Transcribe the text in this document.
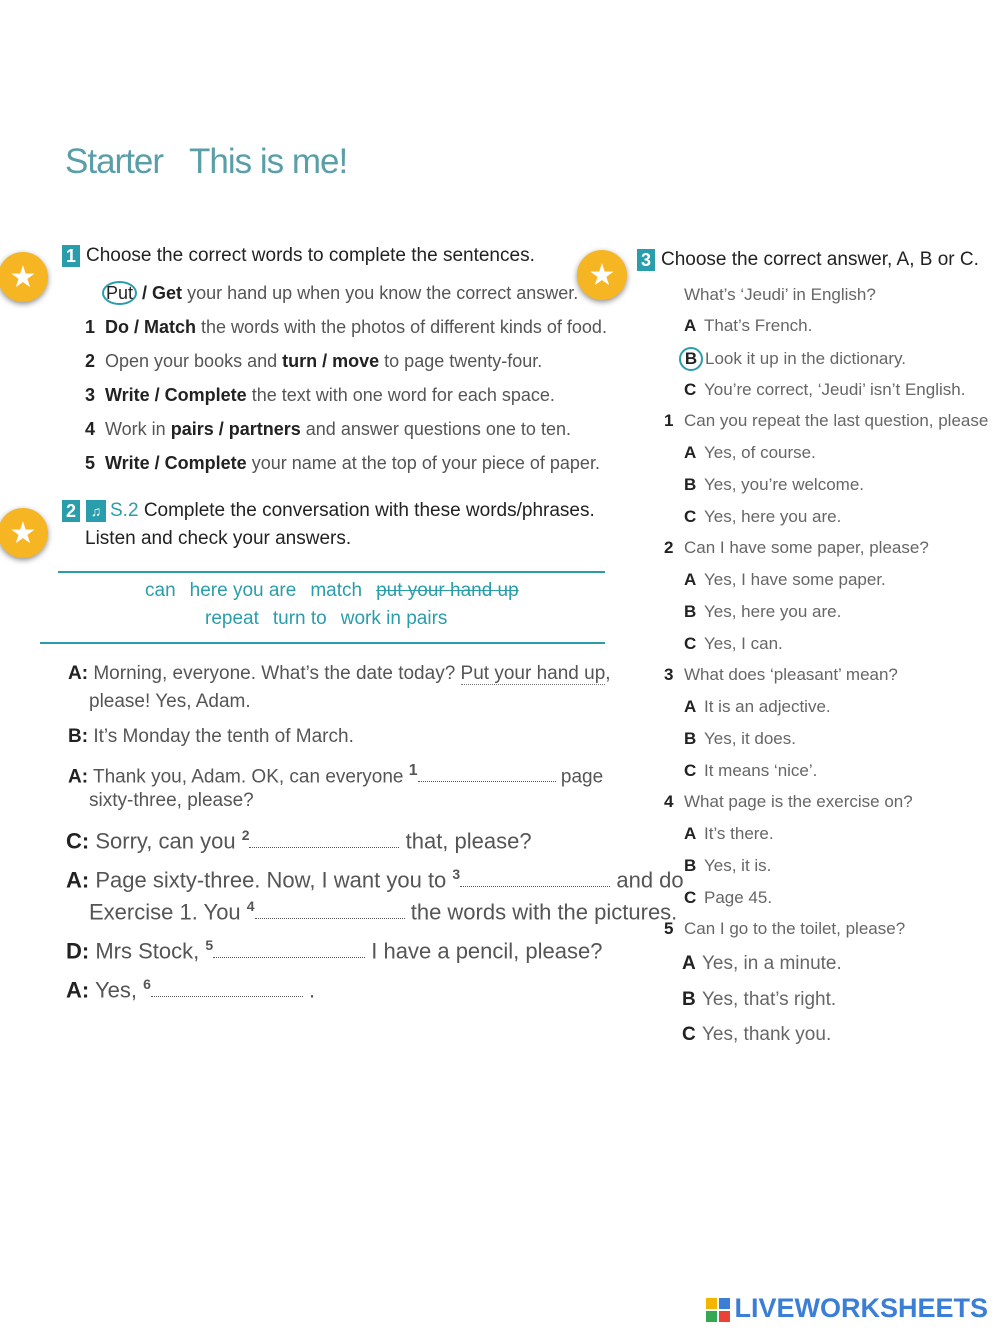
Starter This is me!
★
★
★
1 Choose the correct words to complete the sentences.
Put / Get your hand up when you know the correct answer.
1 Do / Match the words with the photos of different kinds of food.
2 Open your books and turn / move to page twenty-four.
3 Write / Complete the text with one word for each space.
4 Work in pairs / partners and answer questions one to ten.
5 Write / Complete your name at the top of your piece of paper.
2 ♫ S.2 Complete the conversation with these words/phrases.
Listen and check your answers.
can here you are match put your hand up
repeat turn to work in pairs
A: Morning, everyone. What’s the date today? Put your hand up,
please! Yes, Adam.
B: It’s Monday the tenth of March.
A: Thank you, Adam. OK, can everyone $^1$	page
sixty-three, please?
C: Sorry, can you $^2$	that, please?
A: Page sixty-three. Now, I want you to $^3$	and do
Exercise 1. You $^4$	the words with the pictures.
D: Mrs Stock, $^5$	I have a pencil, please?
A: Yes, $^6$	.
3 Choose the correct answer, A, B or C.
What’s ‘Jeudi’ in English?
A That’s French.
B Look it up in the dictionary.
C You’re correct, ‘Jeudi’ isn’t English.
1 Can you repeat the last question, please
A Yes, of course.
B Yes, you’re welcome.
C Yes, here you are.
2 Can I have some paper, please?
A Yes, I have some paper.
B Yes, here you are.
C Yes, I can.
3 What does ‘pleasant’ mean?
A It is an adjective.
B Yes, it does.
C It means ‘nice’.
4 What page is the exercise on?
A It’s there.
B Yes, it is.
C Page 45.
5 Can I go to the toilet, please?
A Yes, in a minute.
B Yes, that’s right.
C Yes, thank you.
LIVEWORKSHEETS
